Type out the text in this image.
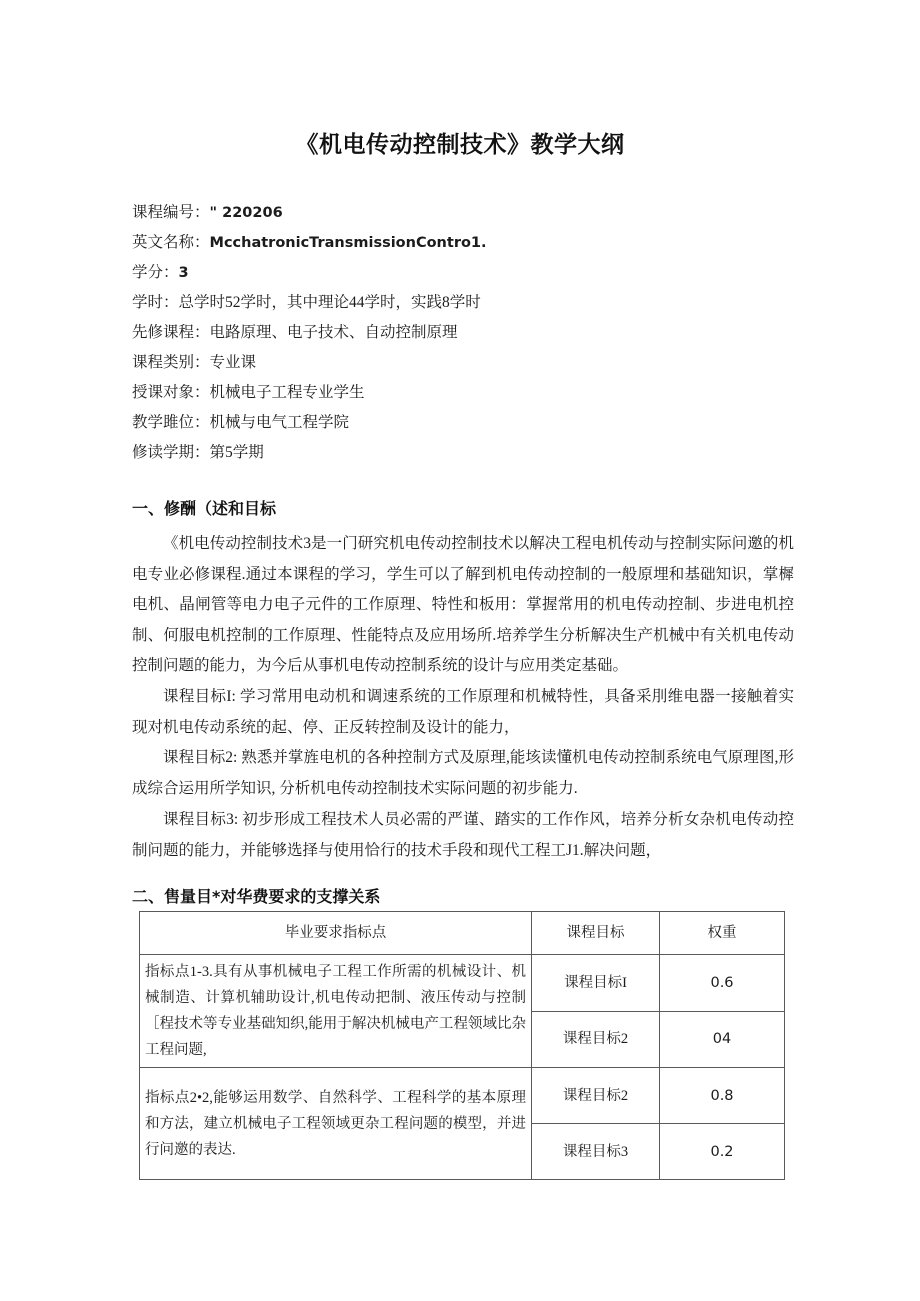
《机电传动控制技术》教学大纲
课程编号：" 220206
英文名称：McchatronicTransmissionContro1.
学分：3
学时：总学时52学时，其中理论44学时，实践8学时
先修课程：电路原理、电子技术、自动控制原理
课程类别：专业课
授课对象：机械电子工程专业学生
教学雎位：机械与电气工程学院
修读学期：第5学期
一、修酬（述和目标
《机电传动控制技术3是一门研究机电传动控制技术以解决工程电机传动与控制实际问邀的机电专业必修课程.通过本课程的学习，学生可以了解到机电传动控制的一般原埋和基础知识，掌樨电机、晶闸管等电力电子元件的工作原理、特性和板用：掌握常用的机电传动控制、步进电机控制、何服电机控制的工作原理、性能特点及应用场所.培养学生分析解决生产机械中有关机电传动控制问题的能力，为今后从事机电传动控制系统的设计与应用类定基础。
课程目标I: 学习常用电动机和调速系统的工作原理和机械特性，具备采刖维电器一接触着实现对机电传动系统的起、停、正反转控制及设计的能力，
课程目标2: 熟悉并掌旌电机的各种控制方式及原理,能垓读懂机电传动控制系统电气原理图,形成综合运用所学知识, 分析机电传动控制技术实际问题的初步能力.
课程目标3: 初步形成工程技术人员必需的严谨、踏实的工作作风，培养分析女杂机电传动控制问题的能力，并能够选择与使用恰行的技术手段和现代工程工J1.解决问题，
二、售量目*对华费要求的支撑关系
毕业要求指标点	课程目标	权重
指标点1-3.具有从事机械电子工程工作所需的机械设计、机械制造、计算机辅助设计,机电传动把制、液压传动与控制［程技术等专业基础知织,能用于解决机械电产工程领域比杂工程问题,	课程目标I	0.6
	课程目标2	04
指标点2•2,能够运用数学、自然科学、工程科学的基本原理和方法，建立机械电子工程领域更杂工程问题的模型，并进行问邀的表达.	课程目标2	0.8
	课程目标3	0.2
